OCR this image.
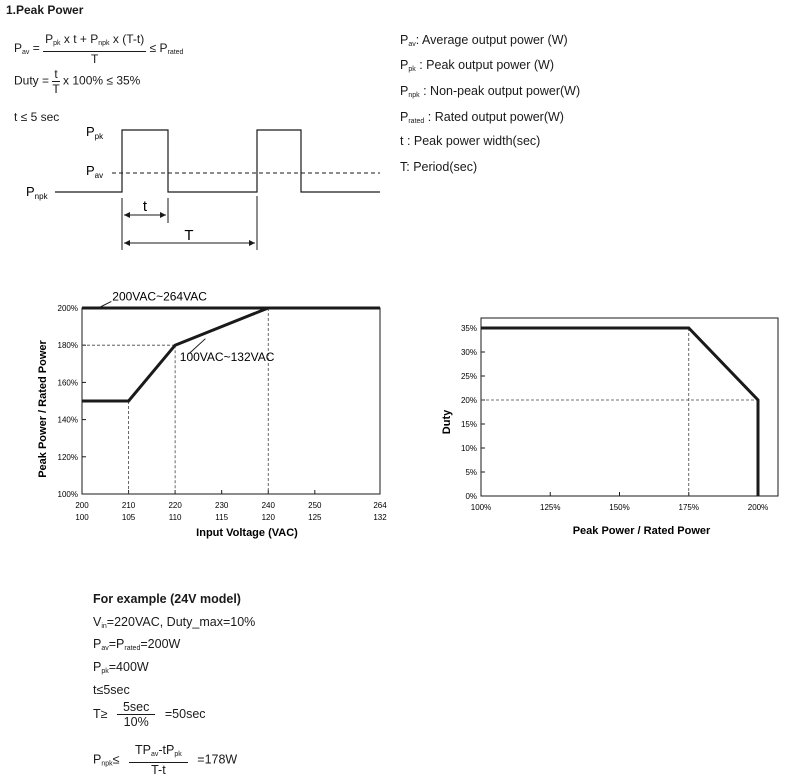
1.Peak Power
$P_{av} = \frac{P_{pk} x t + P_{npk} x (T-t)}{T} \le P_{rated}$
Duty = $\frac{t}{T}$ x 100% ≤ 35%
t ≤ 5 sec
$P_{pk}$
$P_{av}$
$P_{npk}$
t
T
$P_{av}$: Average output power (W)
$P_{pk}$ : Peak output power (W)
$P_{npk}$ : Non-peak output power(W)
$P_{rated}$ : Rated output power(W)
t : Peak power width(sec)
T: Period(sec)
100%
120%
140%
160%
180%
200%
200
100
210
105
220
110
230
115
240
120
250
125
264
132
200VAC~264VAC
100VAC~132VAC
Input Voltage (VAC)
Peak Power / Rated Power
0%
5%
10%
15%
20%
25%
30%
35%
100%	125%	150%	175%	200%
Peak Power / Rated Power
Duty
For example (24V model)
$V_{in}=220VAC$, Duty_max=10%
$P_{av}=P_{rated}=200W$
$P_{pk}=400W$
t≤5sec
$T\ge \frac{5\sec}{10\%} =50\sec$
$P_{npk}\le \frac{TP_{av}-tP_{pk}}{T-t} =178W$
